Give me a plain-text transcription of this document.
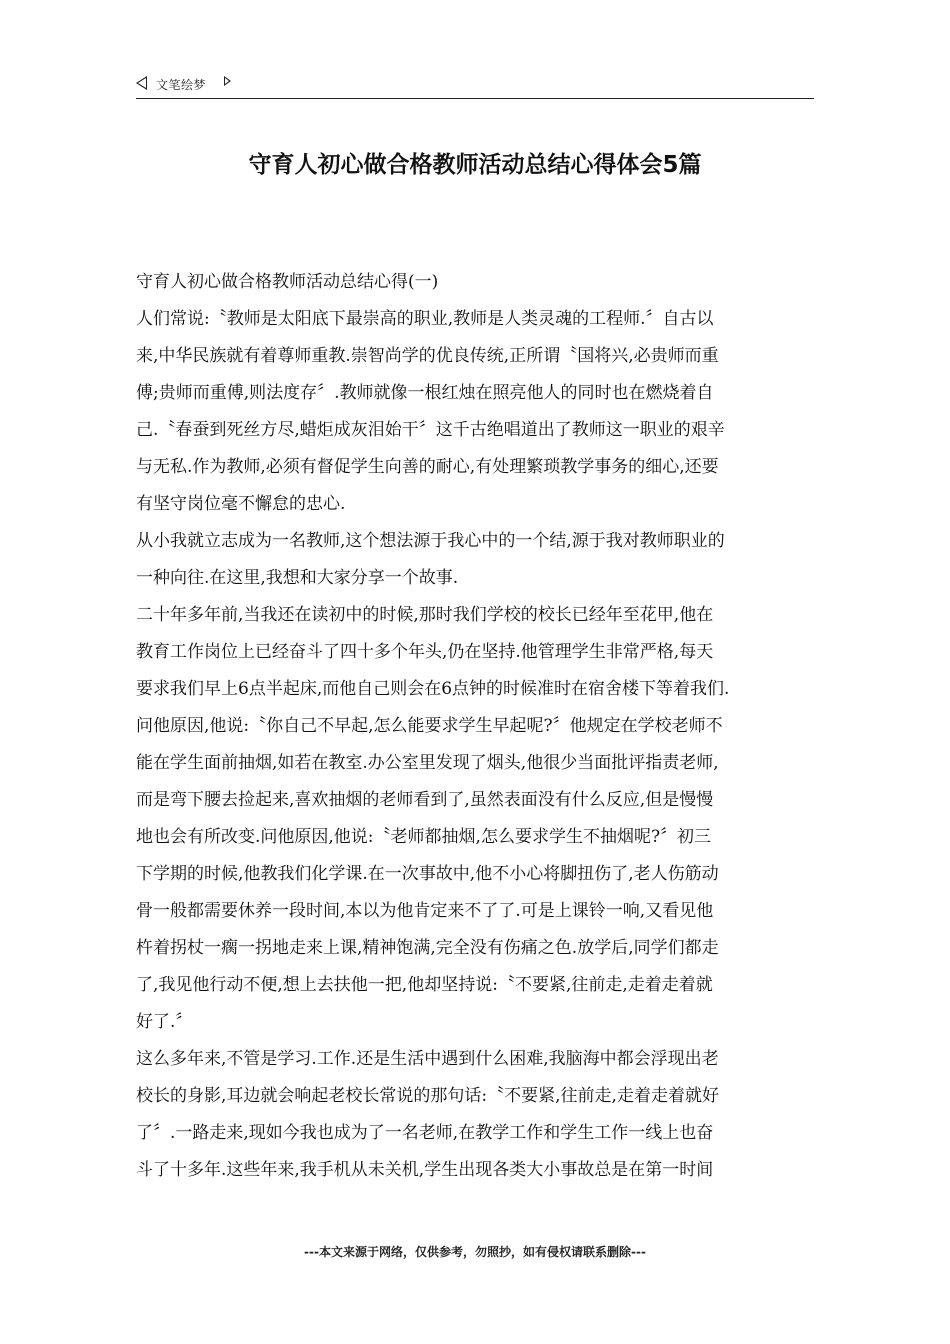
文笔绘梦
守育人初心做合格教师活动总结心得体会5篇

守育人初心做合格教师活动总结心得(一)

人们常说:〝教师是太阳底下最崇高的职业,教师是人类灵魂的工程师.〞自古以

来,中华民族就有着尊师重教.崇智尚学的优良传统,正所谓〝国将兴,必贵师而重

傅;贵师而重傅,则法度存〞.教师就像一根红烛在照亮他人的同时也在燃烧着自

己.〝春蚕到死丝方尽,蜡炬成灰泪始干〞这千古绝唱道出了教师这一职业的艰辛

与无私.作为教师,必须有督促学生向善的耐心,有处理繁琐教学事务的细心,还要

有坚守岗位毫不懈怠的忠心.

从小我就立志成为一名教师,这个想法源于我心中的一个结,源于我对教师职业的

一种向往.在这里,我想和大家分享一个故事.

二十年多年前,当我还在读初中的时候,那时我们学校的校长已经年至花甲,他在

教育工作岗位上已经奋斗了四十多个年头,仍在坚持.他管理学生非常严格,每天

要求我们早上6点半起床,而他自己则会在6点钟的时候准时在宿舍楼下等着我们.

问他原因,他说:〝你自己不早起,怎么能要求学生早起呢?〞他规定在学校老师不

能在学生面前抽烟,如若在教室.办公室里发现了烟头,他很少当面批评指责老师,

而是弯下腰去捡起来,喜欢抽烟的老师看到了,虽然表面没有什么反应,但是慢慢

地也会有所改变.问他原因,他说:〝老师都抽烟,怎么要求学生不抽烟呢?〞初三

下学期的时候,他教我们化学课.在一次事故中,他不小心将脚扭伤了,老人伤筋动

骨一般都需要休养一段时间,本以为他肯定来不了了.可是上课铃一响,又看见他

杵着拐杖一瘸一拐地走来上课,精神饱满,完全没有伤痛之色.放学后,同学们都走

了,我见他行动不便,想上去扶他一把,他却坚持说:〝不要紧,往前走,走着走着就

好了.〞

这么多年来,不管是学习.工作.还是生活中遇到什么困难,我脑海中都会浮现出老

校长的身影,耳边就会响起老校长常说的那句话:〝不要紧,往前走,走着走着就好

了〞.一路走来,现如今我也成为了一名老师,在教学工作和学生工作一线上也奋

斗了十多年.这些年来,我手机从未关机,学生出现各类大小事故总是在第一时间

---本文来源于网络，仅供参考，勿照抄，如有侵权请联系删除---
